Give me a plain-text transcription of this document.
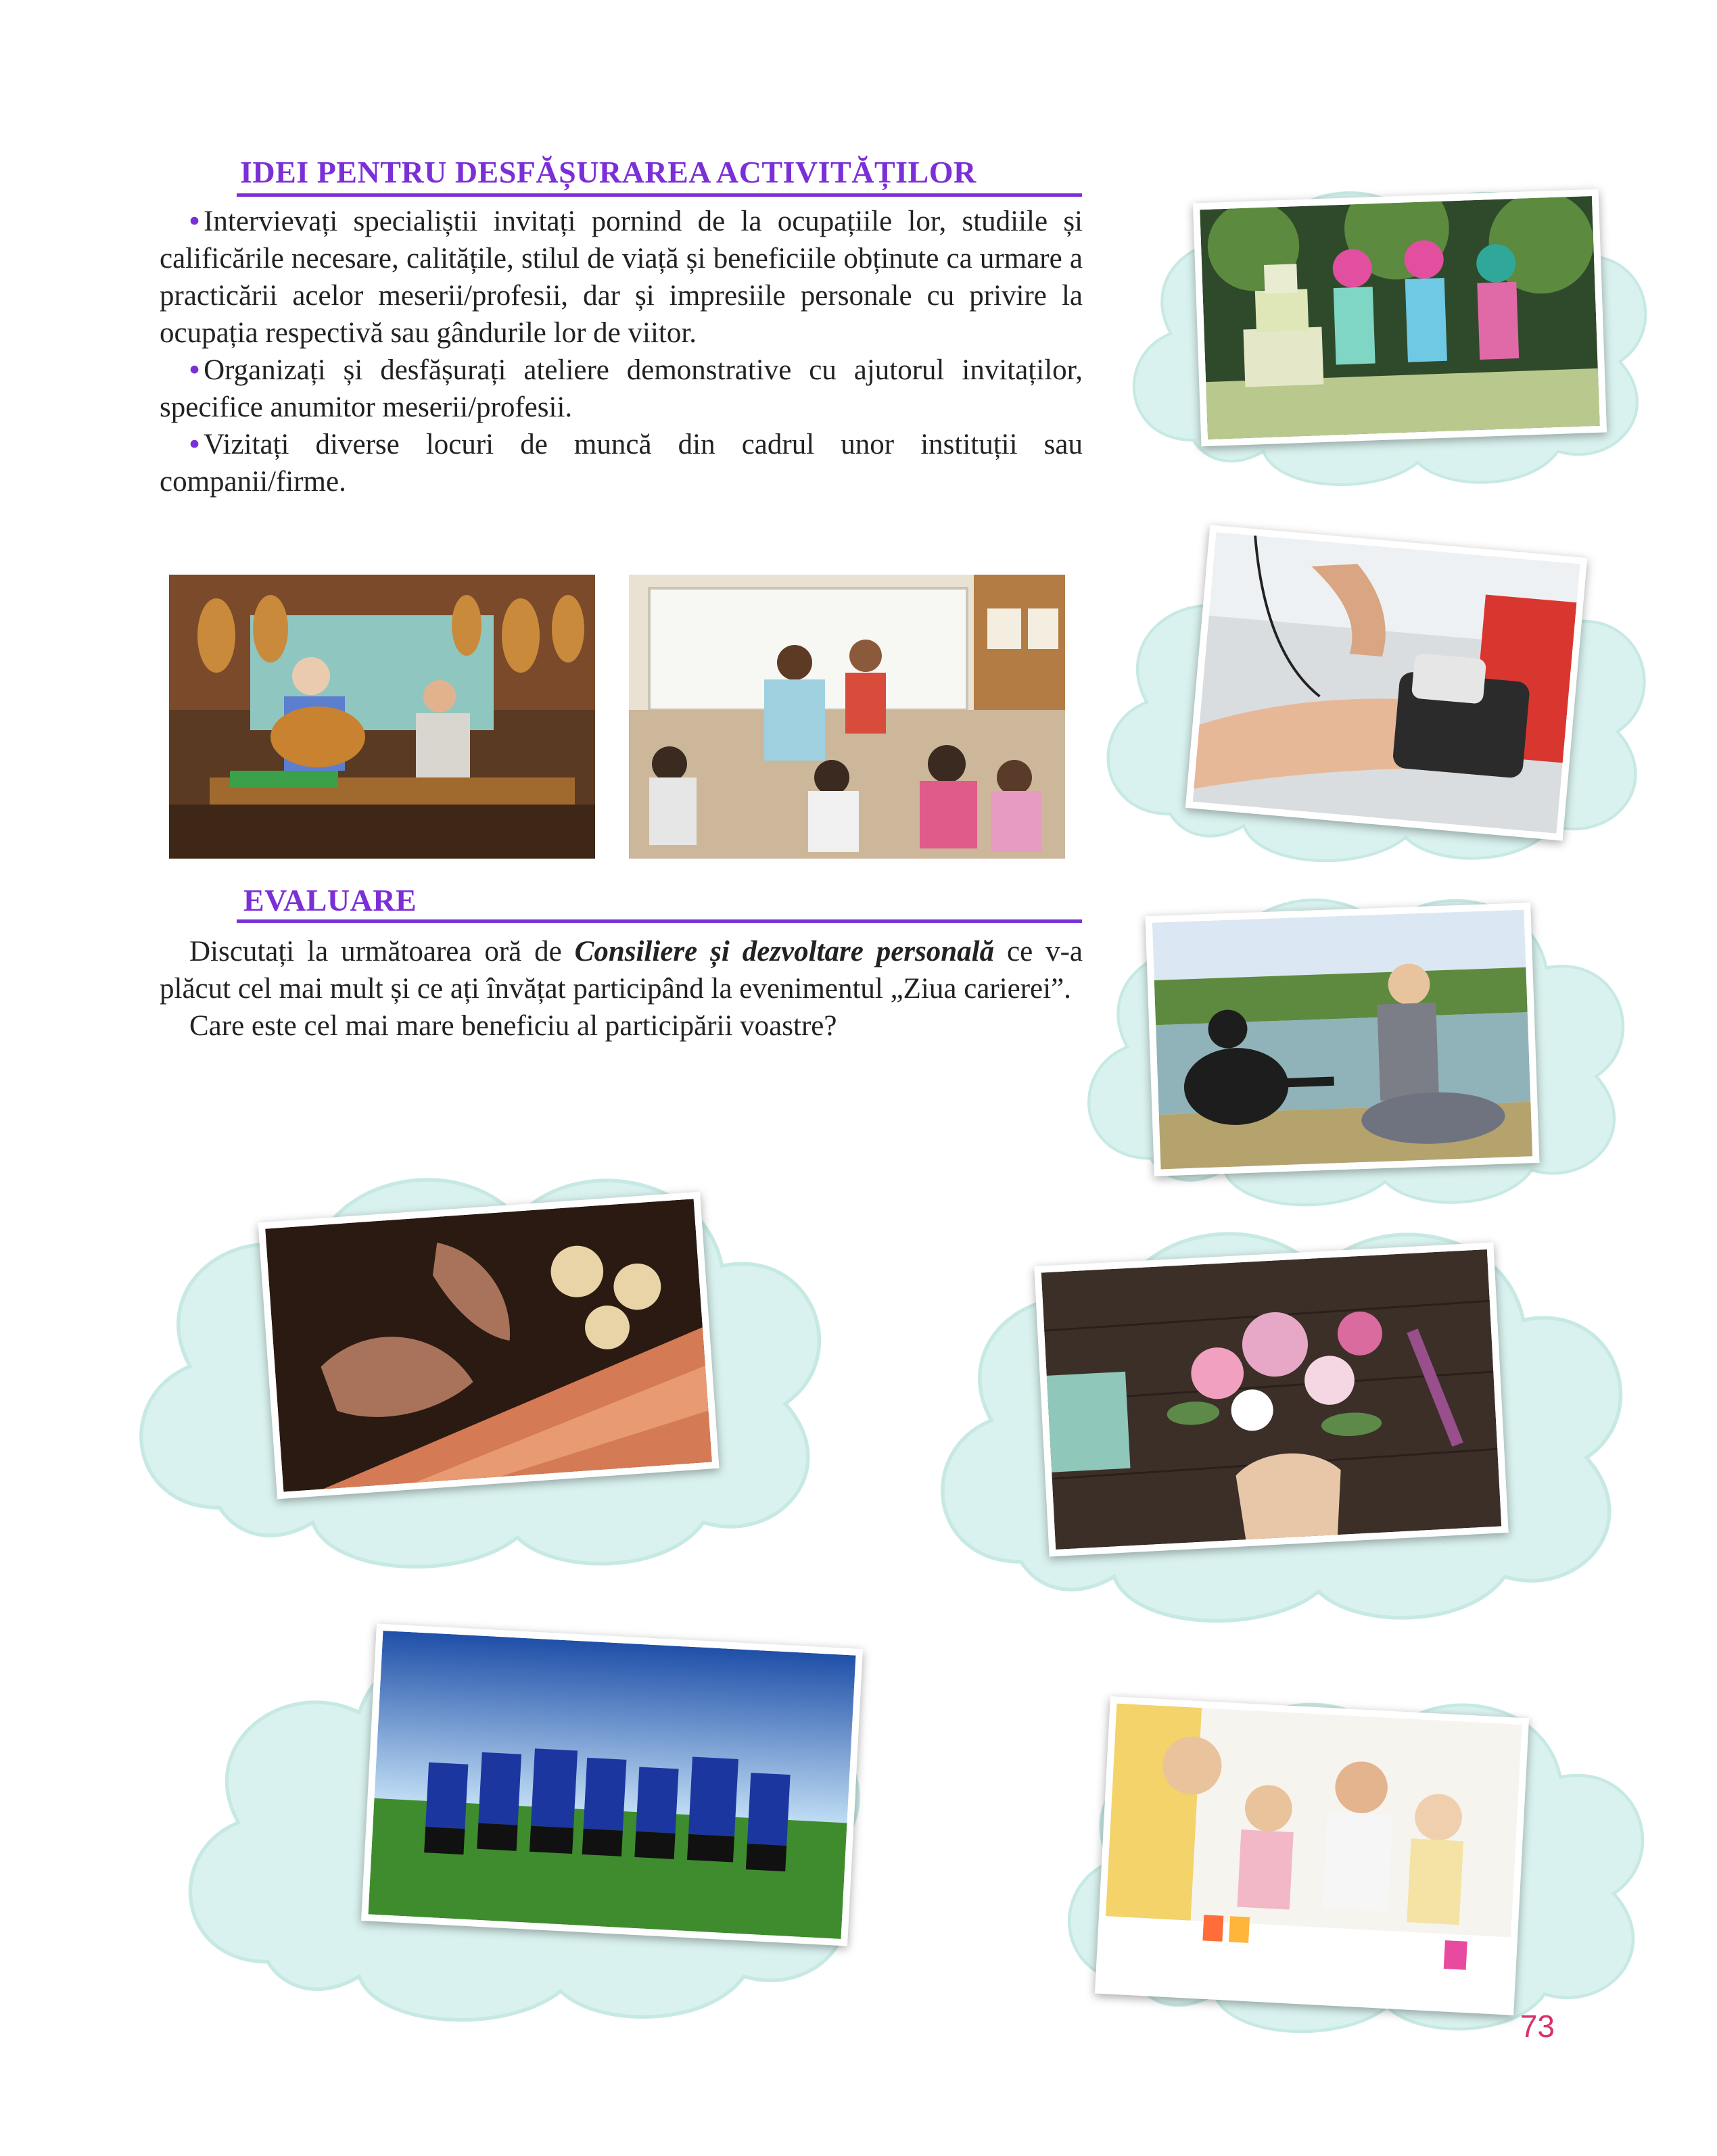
IDEI PENTRU DESFĂȘURAREA ACTIVITĂȚILOR

• Intervievați specialiștii invitați pornind de la ocupațiile lor, studiile și calificările necesare, calitățile, stilul de viață și beneficiile obținute ca urmare a practicării acelor meserii/profesii, dar și impresiile personale cu privire la ocupația respectivă sau gândurile lor de viitor.

• Organizați și desfășurați ateliere demonstrative cu ajutorul invitaților, specifice anumitor meserii/profesii.

• Vizitați diverse locuri de muncă din cadrul unor instituții sau companii/firme.

EVALUARE

Discutați la următoarea oră de Consiliere și dezvoltare personală ce v-a plăcut cel mai mult și ce ați învățat participând la evenimentul „Ziua carierei”.

Care este cel mai mare beneficiu al participării voastre?

73
